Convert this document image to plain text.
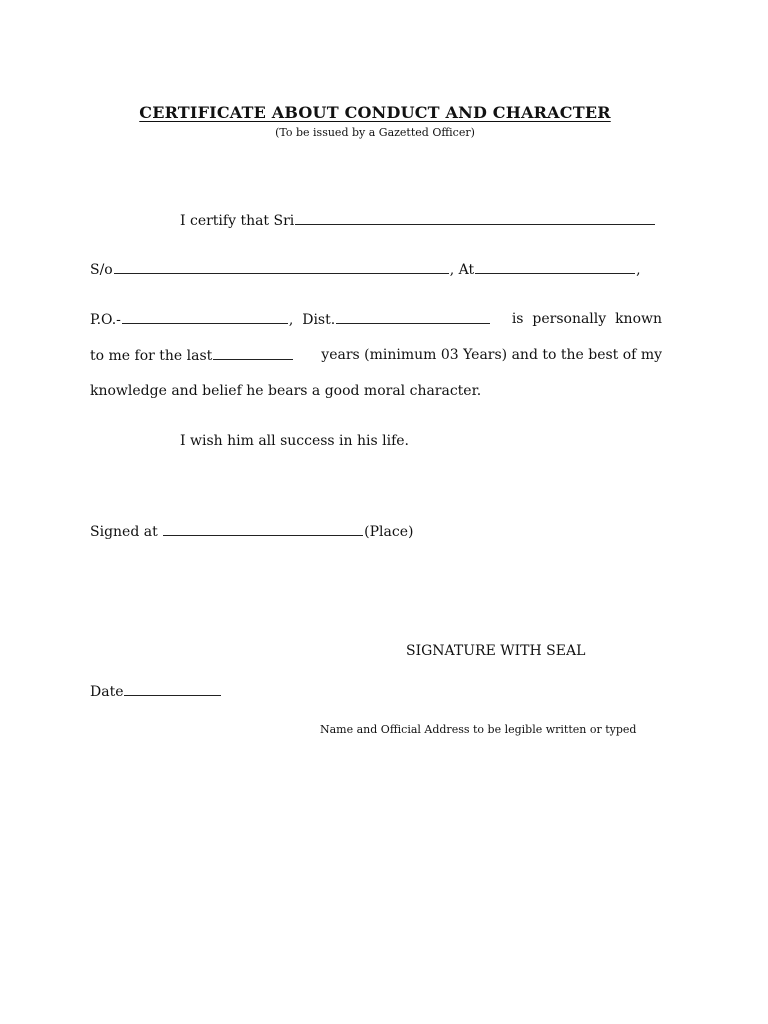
CERTIFICATE ABOUT CONDUCT AND CHARACTER
(To be issued by a Gazetted Officer)
I certify that Sri
S/o	, At	,
P.O.-	,  Dist.	is  personally  known
to me for the last	years (minimum 03 Years) and to the best of my
knowledge and belief he bears a good moral character.
I wish him all success in his life.
Signed at	(Place)
SIGNATURE WITH SEAL
Date
Name and Official Address to be legible written or typed
